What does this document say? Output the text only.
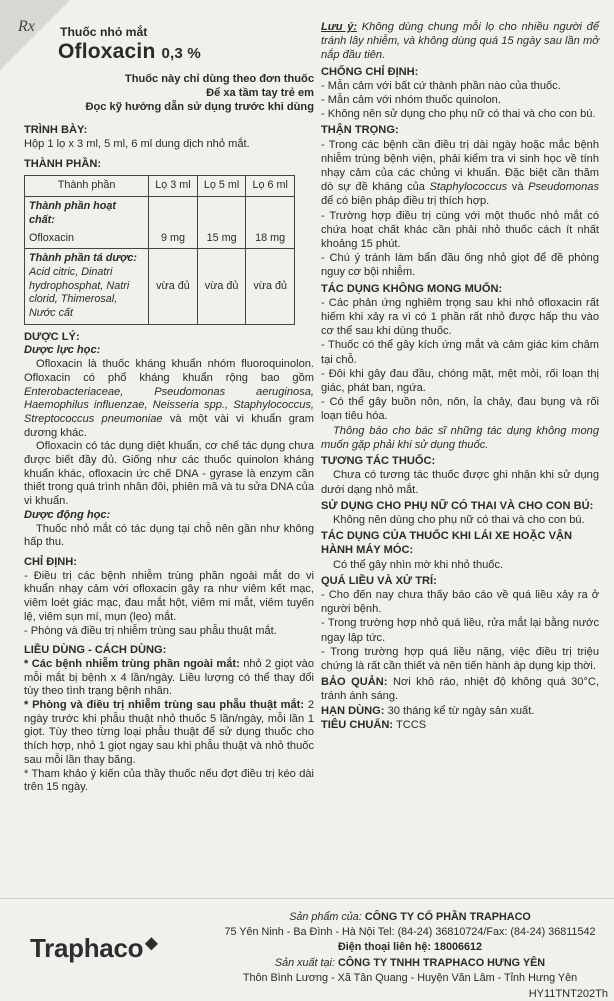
Rx Thuốc nhỏ mắt
Ofloxacin 0,3 %
Thuốc này chỉ dùng theo đơn thuốc
Để xa tầm tay trẻ em
Đọc kỹ hướng dẫn sử dụng trước khi dùng
TRÌNH BÀY:
Hộp 1 lọ x 3 ml, 5 ml, 6 ml dung dịch nhỏ mắt.
THÀNH PHẦN:
Thành phần	Lọ 3 ml	Lọ 5 ml	Lọ 6 ml

Thành phần hoạt chất:
Ofloxacin	9 mg	15 mg	18 mg

Thành phần tá dược:
Acid citric, Dinatri hydrophosphat, Natri clorid, Thimerosal, Nước cất	vừa đủ	vừa đủ	vừa đủ
DƯỢC LÝ:
Dược lực học:
Ofloxacin là thuốc kháng khuẩn nhóm fluoroquinolon. Ofloxacin có phổ kháng khuẩn rộng bao gồm Enterobacteriaceae, Pseudomonas aeruginosa, Haemophilus influenzae, Neisseria spp., Staphylococcus, Streptococcus pneumoniae và một vài vi khuẩn gram dương khác.
Ofloxacin có tác dụng diệt khuẩn, cơ chế tác dụng chưa được biết đầy đủ. Giống như các thuốc quinolon kháng khuẩn khác, ofloxacin ức chế DNA - gyrase là enzym cần thiết trong quá trình nhân đôi, phiên mã và tu sửa DNA của vi khuẩn.
Dược động học:
Thuốc nhỏ mắt có tác dụng tại chỗ nên gần như không hấp thu.
CHỈ ĐỊNH:
- Điều trị các bệnh nhiễm trùng phần ngoài mắt do vi khuẩn nhạy cảm với ofloxacin gây ra như viêm kết mạc, viêm loét giác mạc, đau mắt hột, viêm mi mắt, viêm tuyến lệ, viêm sụn mí, mụn (lẹo) mắt.
- Phòng và điều trị nhiễm trùng sau phẫu thuật mắt.
LIỀU DÙNG - CÁCH DÙNG:
* Các bệnh nhiễm trùng phần ngoài mắt: nhỏ 2 giọt vào mỗi mắt bị bệnh x 4 lần/ngày. Liều lượng có thể thay đổi tùy theo tình trạng bệnh nhân.
* Phòng và điều trị nhiễm trùng sau phẫu thuật mắt: 2 ngày trước khi phẫu thuật nhỏ thuốc 5 lần/ngày, mỗi lần 1 giọt. Tùy theo từng loại phẫu thuật để sử dụng thuốc cho thích hợp, nhỏ 1 giọt ngay sau khi phẫu thuật và nhỏ thuốc sau mỗi lần thay băng.
* Tham khảo ý kiến của thầy thuốc nếu đợt điều trị kéo dài trên 15 ngày.
Lưu ý: Không dùng chung mỗi lọ cho nhiều người để tránh lây nhiễm, và không dùng quá 15 ngày sau lần mở nắp đầu tiên.
CHỐNG CHỈ ĐỊNH:
- Mẫn cảm với bất cứ thành phần nào của thuốc.
- Mẫn cảm với nhóm thuốc quinolon.
- Không nên sử dụng cho phụ nữ có thai và cho con bú.
THẬN TRỌNG:
- Trong các bệnh cần điều trị dài ngày hoặc mắc bệnh nhiễm trùng bệnh viện, phải kiểm tra vi sinh học về tính nhạy cảm của các chủng vi khuẩn. Đặc biệt cần thăm dò sự đề kháng của Staphylococcus và Pseudomonas để có biện pháp điều trị thích hợp.
- Trường hợp điều trị cùng với một thuốc nhỏ mắt có chứa hoạt chất khác cần phải nhỏ thuốc cách ít nhất khoảng 15 phút.
- Chú ý tránh làm bẩn đầu ống nhỏ giọt để đề phòng nguy cơ bội nhiễm.
TÁC DỤNG KHÔNG MONG MUỐN:
- Các phản ứng nghiêm trọng sau khi nhỏ ofloxacin rất hiếm khi xảy ra vì có 1 phần rất nhỏ được hấp thu vào cơ thể sau khi dùng thuốc.
- Thuốc có thể gây kích ứng mắt và cảm giác kim châm tại chỗ.
- Đôi khi gây đau đầu, chóng mặt, mệt mỏi, rối loạn thị giác, phát ban, ngứa.
- Có thể gây buồn nôn, nôn, ỉa chảy, đau bụng và rối loạn tiêu hóa.
Thông báo cho bác sĩ những tác dụng không mong muốn gặp phải khi sử dụng thuốc.
TƯƠNG TÁC THUỐC:
Chưa có tương tác thuốc được ghi nhận khi sử dụng dưới dạng nhỏ mắt.
SỬ DỤNG CHO PHỤ NỮ CÓ THAI VÀ CHO CON BÚ:
Không nên dùng cho phụ nữ có thai và cho con bú.
TÁC DỤNG CỦA THUỐC KHI LÁI XE HOẶC VẬN HÀNH MÁY MÓC:
Có thể gây nhìn mờ khi nhỏ thuốc.
QUÁ LIỀU VÀ XỬ TRÍ:
- Cho đến nay chưa thấy báo cáo về quá liều xảy ra ở người bệnh.
- Trong trường hợp nhỏ quá liều, rửa mắt lại bằng nước ngay lập tức.
- Trong trường hợp quá liều nặng, việc điều trị triệu chứng là rất cần thiết và nên tiến hành áp dụng kịp thời.
BẢO QUẢN: Nơi khô ráo, nhiệt độ không quá 30°C, tránh ánh sáng.
HẠN DÙNG: 30 tháng kể từ ngày sản xuất.
TIÊU CHUẨN: TCCS
Traphaco ◆
Sản phẩm của: CÔNG TY CỔ PHẦN TRAPHACO
75 Yên Ninh - Ba Đình - Hà Nội Tel: (84-24) 36810724/Fax: (84-24) 36811542
Điện thoại liên hệ: 18006612
Sản xuất tại: CÔNG TY TNHH TRAPHACO HƯNG YÊN
Thôn Bình Lương - Xã Tân Quang - Huyện Văn Lâm - Tỉnh Hưng Yên
HY11TNT202Th
